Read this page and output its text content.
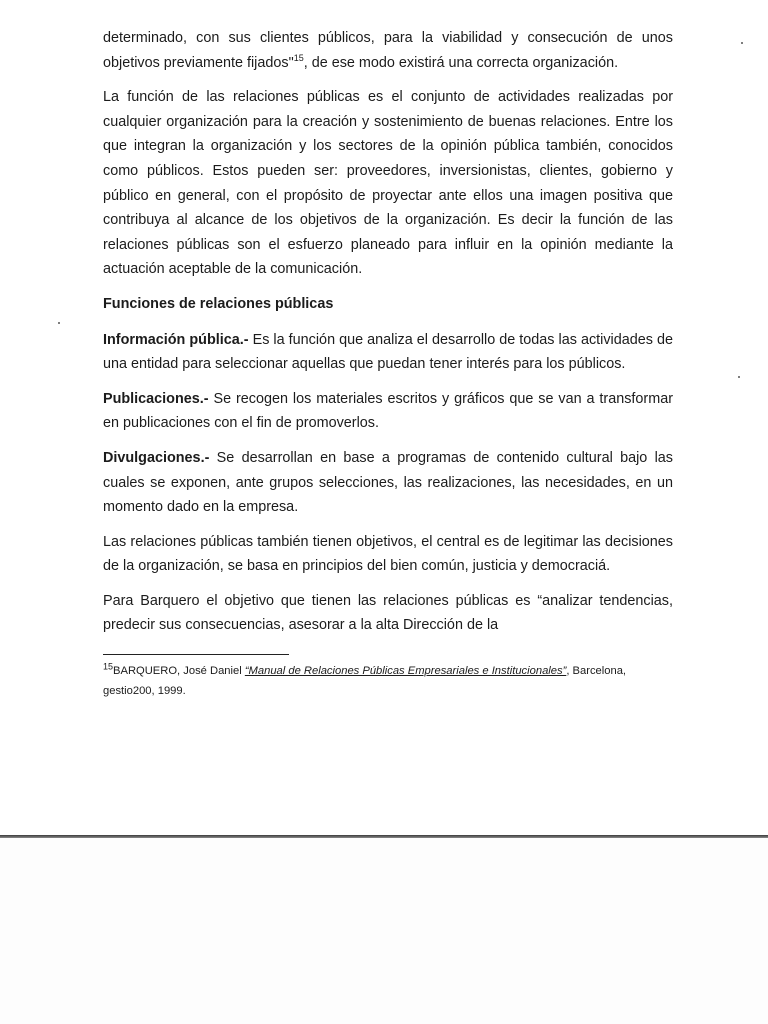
determinado, con sus clientes públicos, para la viabilidad y consecución de unos objetivos previamente fijados"$^{15}$, de ese modo existirá una correcta organización.

La función de las relaciones públicas es el conjunto de actividades realizadas por cualquier organización para la creación y sostenimiento de buenas relaciones. Entre los que integran la organización y los sectores de la opinión pública también, conocidos como públicos. Estos pueden ser: proveedores, inversionistas, clientes, gobierno y público en general, con el propósito de proyectar ante ellos una imagen positiva que contribuya al alcance de los objetivos de la organización. Es decir la función de las relaciones públicas son el esfuerzo planeado para influir en la opinión mediante la actuación aceptable de la comunicación.

Funciones de relaciones públicas

Información pública.- Es la función que analiza el desarrollo de todas las actividades de una entidad para seleccionar aquellas que puedan tener interés para los públicos.

Publicaciones.- Se recogen los materiales escritos y gráficos que se van a transformar en publicaciones con el fin de promoverlos.

Divulgaciones.- Se desarrollan en base a programas de contenido cultural bajo las cuales se exponen, ante grupos selecciones, las realizaciones, las necesidades, en un momento dado en la empresa.

Las relaciones públicas también tienen objetivos, el central es de legitimar las decisiones de la organización, se basa en principios del bien común, justicia y democraciá.

Para Barquero el objetivo que tienen las relaciones públicas es “analizar tendencias, predecir sus consecuencias, asesorar a la alta Dirección de la

$^{15}$BARQUERO, José Daniel “Manual de Relaciones Públicas Empresariales e Institucionales”, Barcelona, gestio200, 1999.
